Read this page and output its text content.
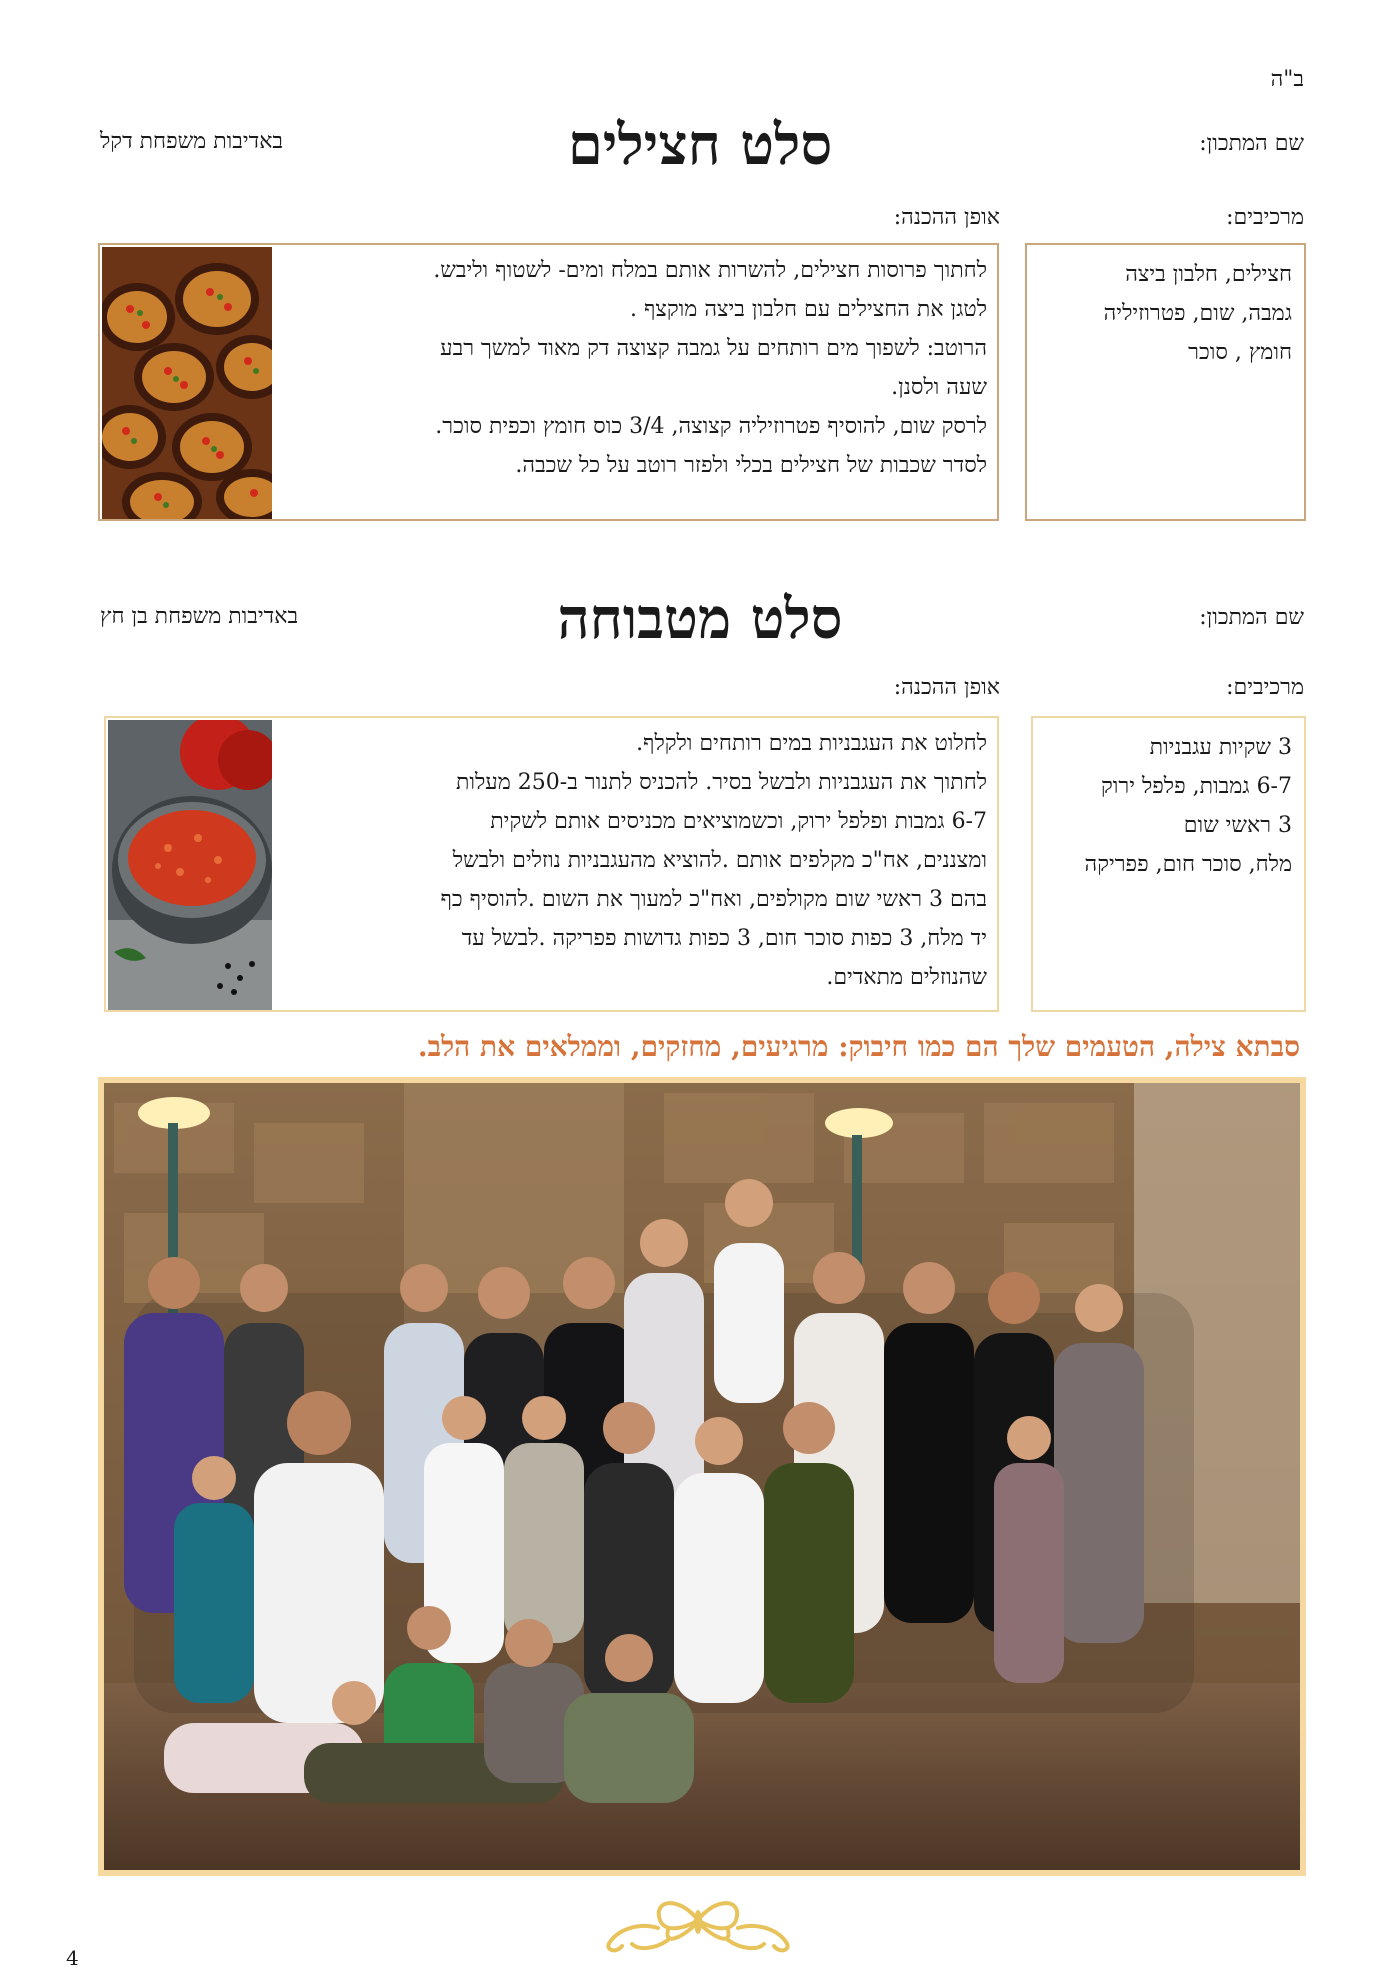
ב"ה
שם המתכון:
סלט חצילים
באדיבות משפחת דקל
מרכיבים:
אופן ההכנה:
חצילים, חלבון ביצה
גמבה, שום, פטרוזיליה
חומץ , סוכר
לחתוך פרוסות חצילים, להשרות אותם במלח ומים- לשטוף וליבש.
לטגן את החצילים עם חלבון ביצה מוקצף .
הרוטב: לשפוך מים רותחים על גמבה קצוצה דק מאוד למשך רבע
שעה ולסנן.
לרסק שום, להוסיף פטרוזיליה קצוצה, 3/4 כוס חומץ וכפית סוכר.
לסדר שכבות של חצילים בכלי ולפזר רוטב על כל שכבה.
שם המתכון:
סלט מטבוחה
באדיבות משפחת בן חץ
מרכיבים:
אופן ההכנה:
3 שקיות עגבניות
6-7 גמבות, פלפל ירוק
3 ראשי שום
מלח, סוכר חום, פפריקה
לחלוט את העגבניות במים רותחים ולקלף.
לחתוך את העגבניות ולבשל בסיר. להכניס לתנור ב-250 מעלות
6-7 גמבות ופלפל ירוק, וכשמוציאים מכניסים אותם לשקית
ומצננים, אח"כ מקלפים אותם .להוציא מהעגבניות נוזלים ולבשל
בהם 3 ראשי שום מקולפים, ואח"כ למעוך את השום .להוסיף כף
יד מלח, 3 כפות סוכר חום, 3 כפות גדושות פפריקה .לבשל עד
שהנוזלים מתאדים.
סבתא צילה, הטעמים שלך הם כמו חיבוק: מרגיעים, מחזקים, וממלאים את הלב.
4
